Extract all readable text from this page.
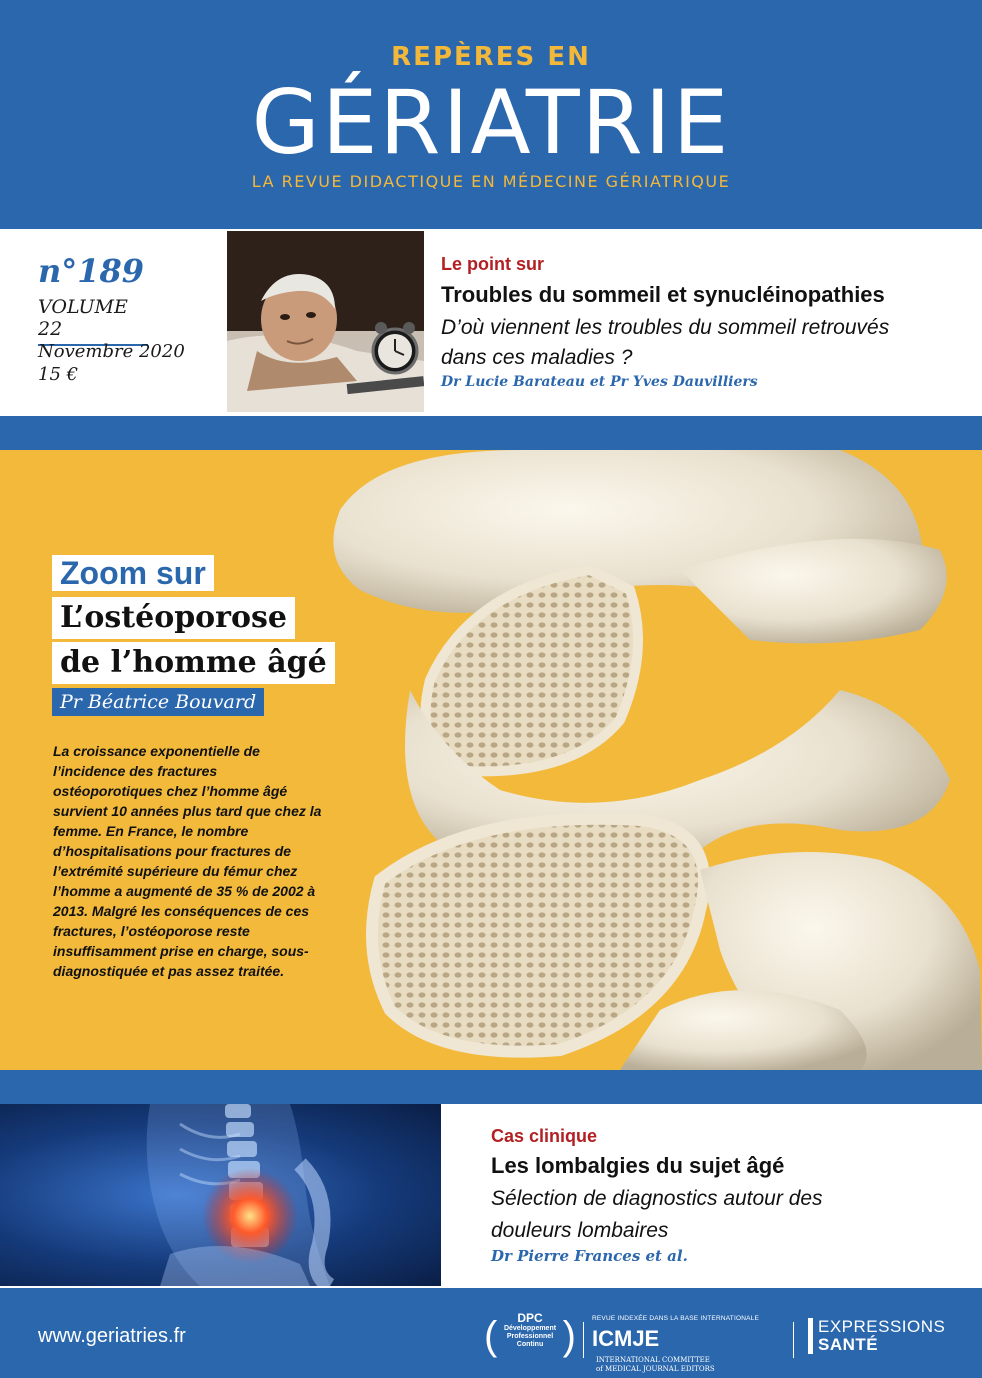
REPÈRES EN
GÉRIATRIE
LA REVUE DIDACTIQUE EN MÉDECINE GÉRIATRIQUE
n°189
VOLUME 22
Novembre 2020
15 €
Le point sur
Troubles du sommeil et synucléinopathies
D’où viennent les troubles du sommeil retrouvés dans ces maladies ?
Dr Lucie Barateau et Pr Yves Dauvilliers
Zoom sur
L’ostéoporose
de l’homme âgé
Pr Béatrice Bouvard
La croissance exponentielle de l’incidence des fractures ostéoporotiques chez l’homme âgé survient 10 années plus tard que chez la femme. En France, le nombre d’hospitalisations pour fractures de l’extrémité supérieure du fémur chez l’homme a augmenté de 35 % de 2002 à 2013. Malgré les conséquences de ces fractures, l’ostéoporose reste insuffisamment prise en charge, sous-diagnostiquée et pas assez traitée.
Cas clinique
Les lombalgies du sujet âgé
Sélection de diagnostics autour des douleurs lombaires
Dr Pierre Frances et al.
www.geriatries.fr	( )
DPC
Développement
Professionnel
Continu
REVUE INDEXÉE DANS LA BASE INTERNATIONALE
ICMJE INTERNATIONAL COMMITTEE of MEDICAL JOURNAL EDITORS
EXPRESSIONS
SANTÉ
